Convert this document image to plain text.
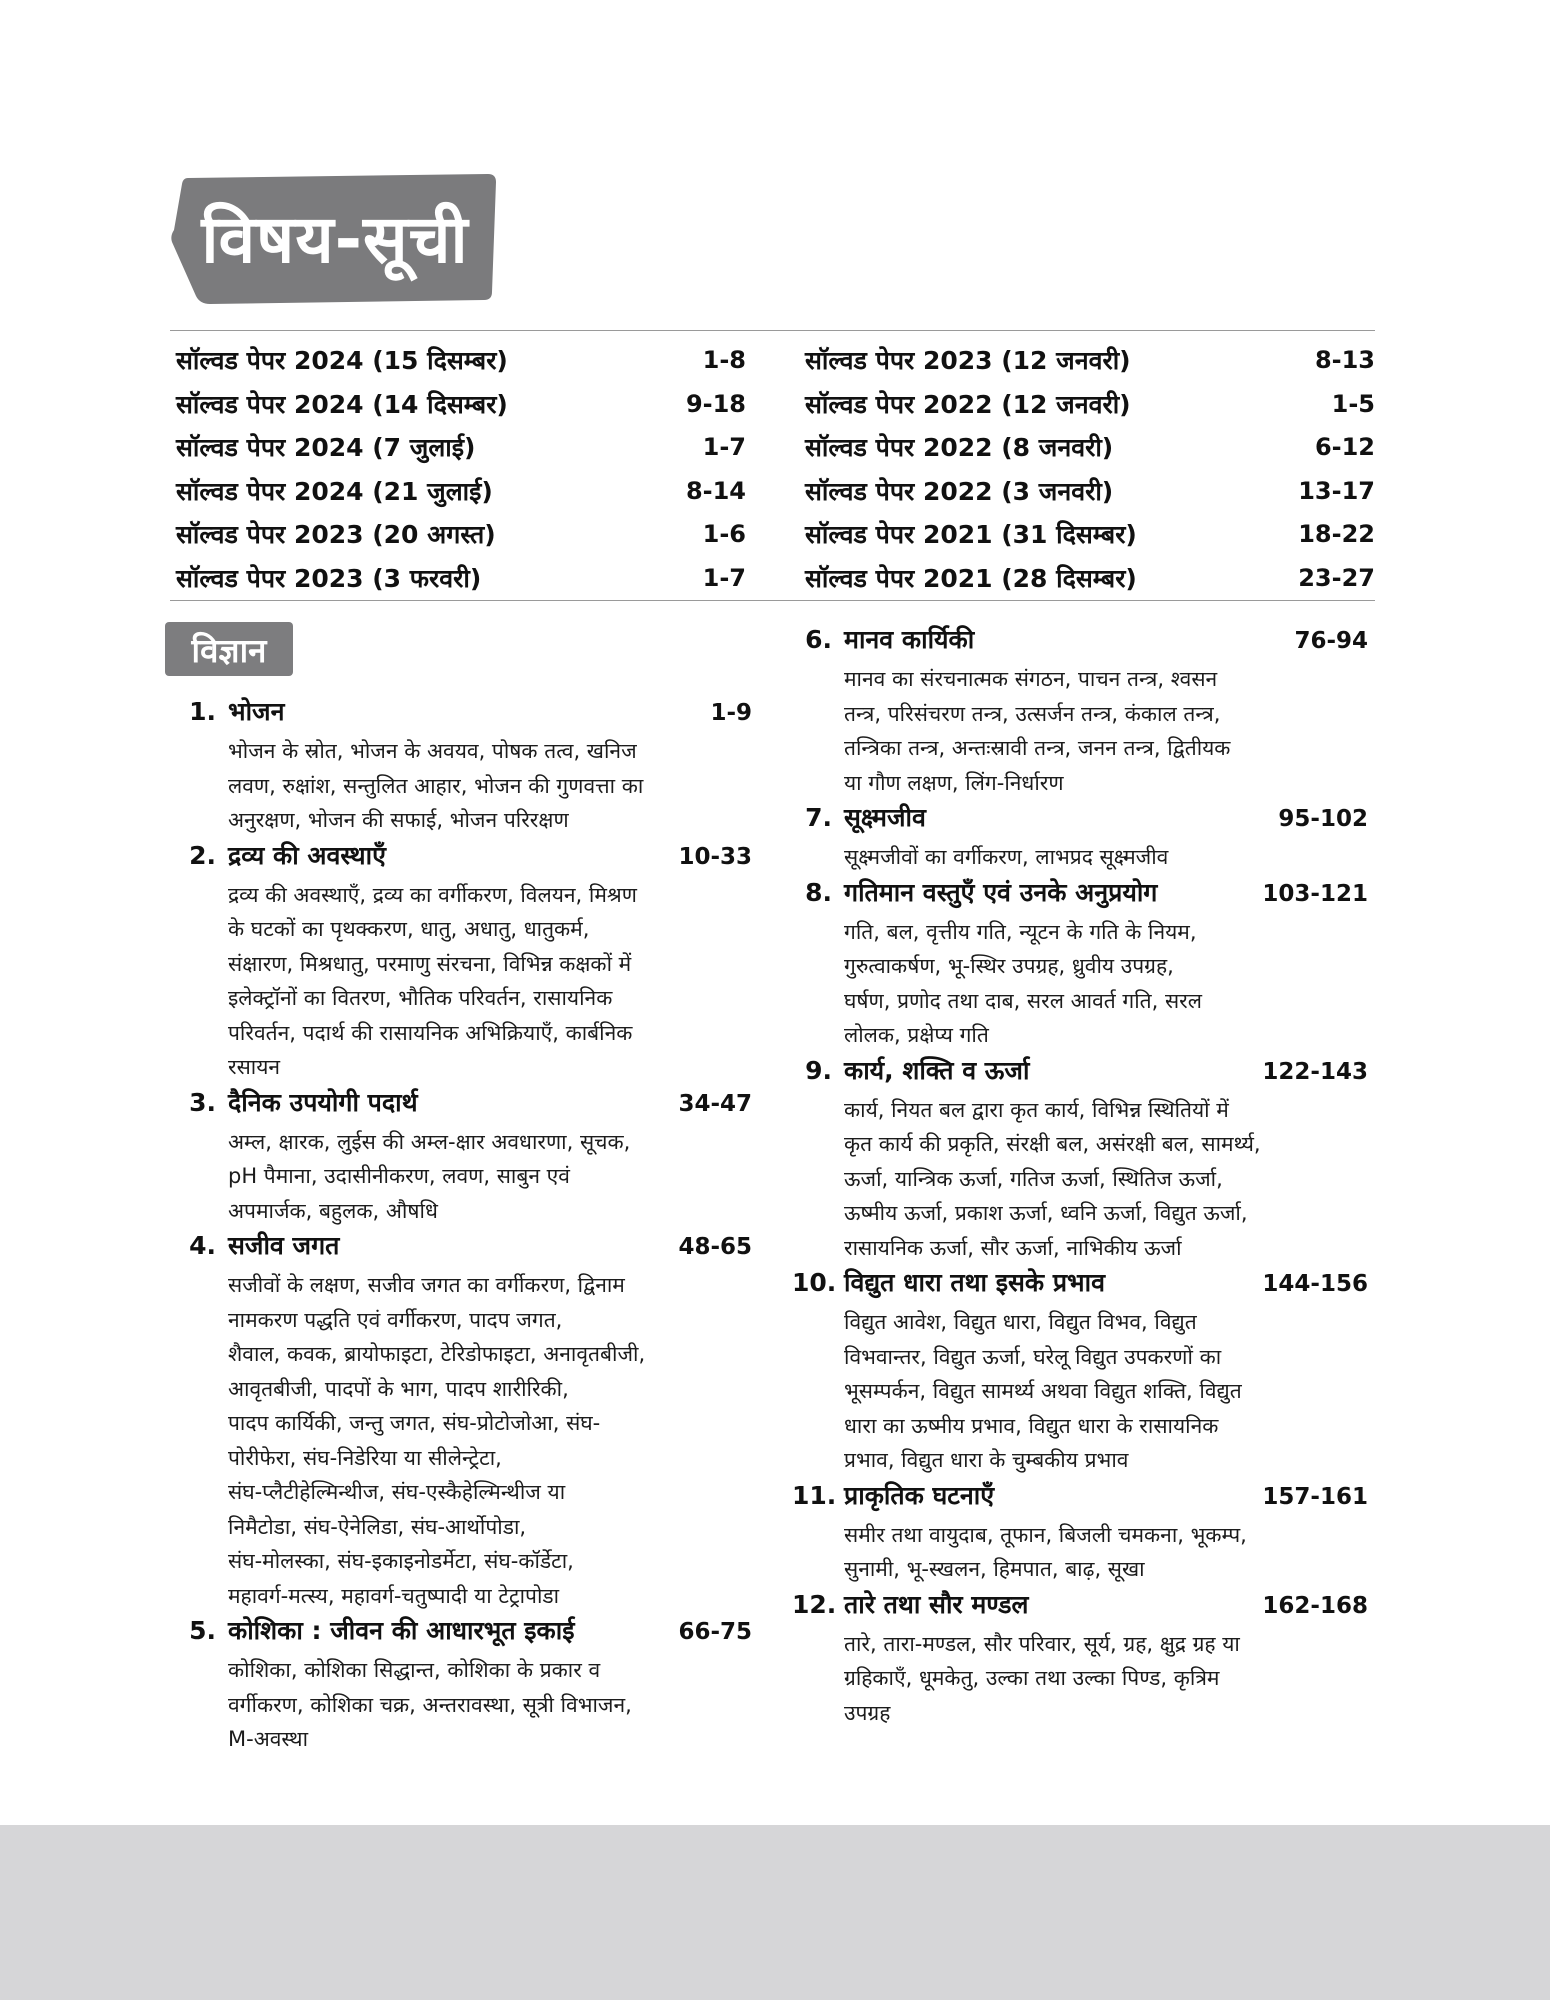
विषय-सूची
सॉल्वड पेपर 2024 (15 दिसम्बर)	1-8
सॉल्वड पेपर 2024 (14 दिसम्बर)	9-18
सॉल्वड पेपर 2024 (7 जुलाई)	1-7
सॉल्वड पेपर 2024 (21 जुलाई)	8-14
सॉल्वड पेपर 2023 (20 अगस्त)	1-6
सॉल्वड पेपर 2023 (3 फरवरी)	1-7
सॉल्वड पेपर 2023 (12 जनवरी)	8-13
सॉल्वड पेपर 2022 (12 जनवरी)	1-5
सॉल्वड पेपर 2022 (8 जनवरी)	6-12
सॉल्वड पेपर 2022 (3 जनवरी)	13-17
सॉल्वड पेपर 2021 (31 दिसम्बर)	18-22
सॉल्वड पेपर 2021 (28 दिसम्बर)	23-27
विज्ञान
1. भोजन	1-9
भोजन के स्रोत, भोजन के अवयव, पोषक तत्व, खनिज
लवण, रुक्षांश, सन्तुलित आहार, भोजन की गुणवत्ता का
अनुरक्षण, भोजन की सफाई, भोजन परिरक्षण
2. द्रव्य की अवस्थाएँ	10-33
द्रव्य की अवस्थाएँ, द्रव्य का वर्गीकरण, विलयन, मिश्रण
के घटकों का पृथक्करण, धातु, अधातु, धातुकर्म,
संक्षारण, मिश्रधातु, परमाणु संरचना, विभिन्न कक्षकों में
इलेक्ट्रॉनों का वितरण, भौतिक परिवर्तन, रासायनिक
परिवर्तन, पदार्थ की रासायनिक अभिक्रियाएँ, कार्बनिक
रसायन
3. दैनिक उपयोगी पदार्थ	34-47
अम्ल, क्षारक, लुईस की अम्ल-क्षार अवधारणा, सूचक,
pH पैमाना, उदासीनीकरण, लवण, साबुन एवं
अपमार्जक, बहुलक, औषधि
4. सजीव जगत	48-65
सजीवों के लक्षण, सजीव जगत का वर्गीकरण, द्विनाम
नामकरण पद्धति एवं वर्गीकरण, पादप जगत,
शैवाल, कवक, ब्रायोफाइटा, टेरिडोफाइटा, अनावृतबीजी,
आवृतबीजी, पादपों के भाग, पादप शारीरिकी,
पादप कार्यिकी, जन्तु जगत, संघ-प्रोटोजोआ, संघ-
पोरीफेरा, संघ-निडेरिया या सीलेन्ट्रेटा,
संघ-प्लैटीहेल्मिन्थीज, संघ-एस्कैहेल्मिन्थीज या
निमैटोडा, संघ-ऐनेलिडा, संघ-आर्थोपोडा,
संघ-मोलस्का, संघ-इकाइनोडर्मेटा, संघ-कॉर्डेटा,
महावर्ग-मत्स्य, महावर्ग-चतुष्पादी या टेट्रापोडा
5. कोशिका : जीवन की आधारभूत इकाई	66-75
कोशिका, कोशिका सिद्धान्त, कोशिका के प्रकार व
वर्गीकरण, कोशिका चक्र, अन्तरावस्था, सूत्री विभाजन,
M-अवस्था
6. मानव कार्यिकी	76-94
मानव का संरचनात्मक संगठन, पाचन तन्त्र, श्वसन
तन्त्र, परिसंचरण तन्त्र, उत्सर्जन तन्त्र, कंकाल तन्त्र,
तन्त्रिका तन्त्र, अन्तःस्रावी तन्त्र, जनन तन्त्र, द्वितीयक
या गौण लक्षण, लिंग-निर्धारण
7. सूक्ष्मजीव	95-102
सूक्ष्मजीवों का वर्गीकरण, लाभप्रद सूक्ष्मजीव
8. गतिमान वस्तुएँ एवं उनके अनुप्रयोग	103-121
गति, बल, वृत्तीय गति, न्यूटन के गति के नियम,
गुरुत्वाकर्षण, भू-स्थिर उपग्रह, ध्रुवीय उपग्रह,
घर्षण, प्रणोद तथा दाब, सरल आवर्त गति, सरल
लोलक, प्रक्षेप्य गति
9. कार्य, शक्ति व ऊर्जा	122-143
कार्य, नियत बल द्वारा कृत कार्य, विभिन्न स्थितियों में
कृत कार्य की प्रकृति, संरक्षी बल, असंरक्षी बल, सामर्थ्य,
ऊर्जा, यान्त्रिक ऊर्जा, गतिज ऊर्जा, स्थितिज ऊर्जा,
ऊष्मीय ऊर्जा, प्रकाश ऊर्जा, ध्वनि ऊर्जा, विद्युत ऊर्जा,
रासायनिक ऊर्जा, सौर ऊर्जा, नाभिकीय ऊर्जा
10. विद्युत धारा तथा इसके प्रभाव	144-156
विद्युत आवेश, विद्युत धारा, विद्युत विभव, विद्युत
विभवान्तर, विद्युत ऊर्जा, घरेलू विद्युत उपकरणों का
भूसम्पर्कन, विद्युत सामर्थ्य अथवा विद्युत शक्ति, विद्युत
धारा का ऊष्मीय प्रभाव, विद्युत धारा के रासायनिक
प्रभाव, विद्युत धारा के चुम्बकीय प्रभाव
11. प्राकृतिक घटनाएँ	157-161
समीर तथा वायुदाब, तूफान, बिजली चमकना, भूकम्प,
सुनामी, भू-स्खलन, हिमपात, बाढ़, सूखा
12. तारे तथा सौर मण्डल	162-168
तारे, तारा-मण्डल, सौर परिवार, सूर्य, ग्रह, क्षुद्र ग्रह या
ग्रहिकाएँ, धूमकेतु, उल्का तथा उल्का पिण्ड, कृत्रिम
उपग्रह
